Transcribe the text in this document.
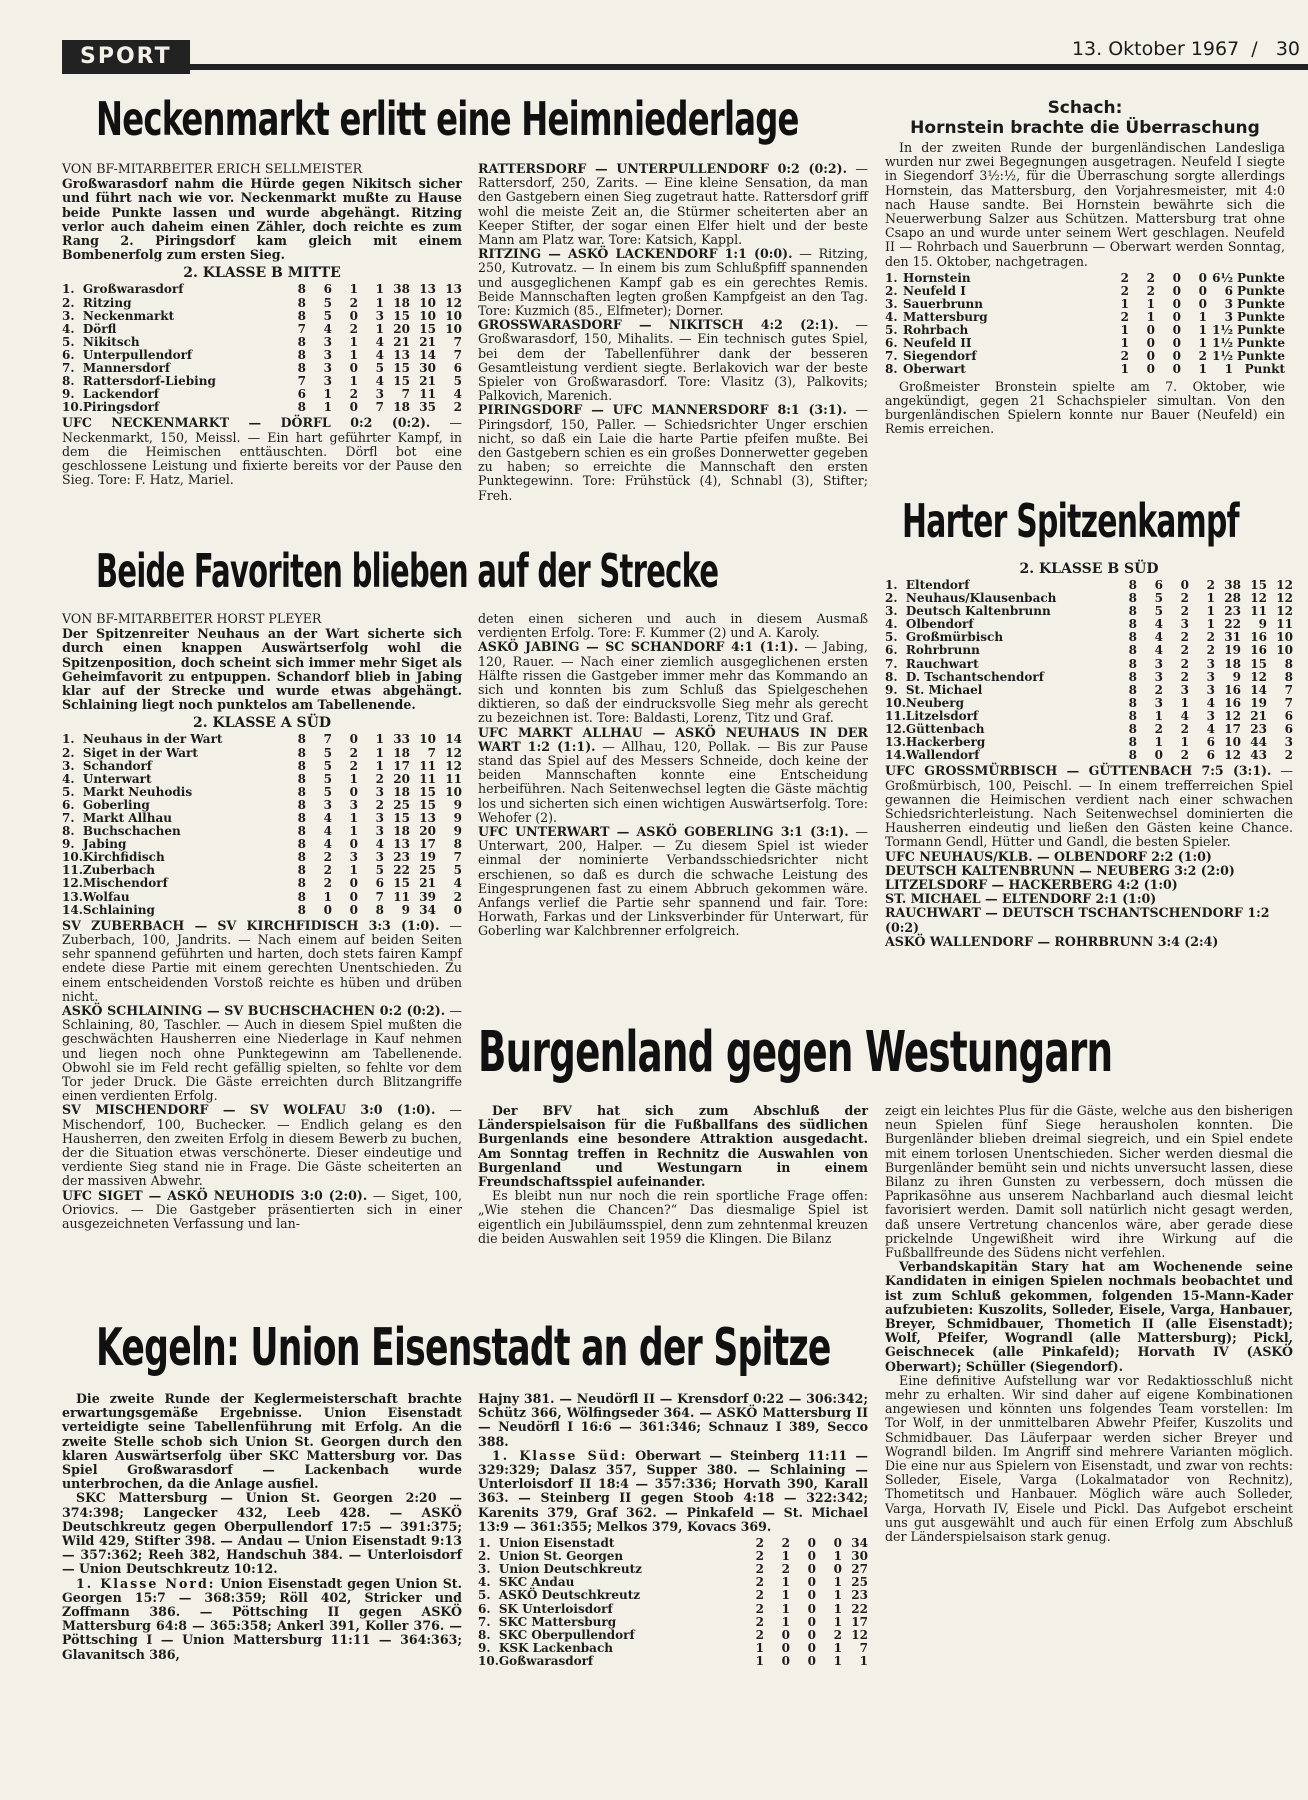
SPORT	13. Oktober 1967  /   30
Neckenmarkt erlitt eine Heimniederlage
VON BF-MITARBEITER ERICH SELLMEISTER

Großwarasdorf nahm die Hürde gegen Nikitsch sicher und führt nach wie vor. Neckenmarkt mußte zu Hause beide Punkte lassen und wurde abgehängt. Ritzing verlor auch daheim einen Zähler, doch reichte es zum Rang 2. Piringsdorf kam gleich mit einem Bombenerfolg zum ersten Sieg.

2. KLASSE B MITTE
1.	Großwarasdorf	8	6	1	1	38	13	13
2.	Ritzing	8	5	2	1	18	10	12
3.	Neckenmarkt	8	5	0	3	15	10	10
4.	Dörfl	7	4	2	1	20	15	10
5.	Nikitsch	8	3	1	4	21	21	7
6.	Unterpullendorf	8	3	1	4	13	14	7
7.	Mannersdorf	8	3	0	5	15	30	6
8.	Rattersdorf-Liebing	7	3	1	4	15	21	5
9.	Lackendorf	6	1	2	3	7	11	4
10.	Piringsdorf	8	1	0	7	18	35	2

UFC NECKENMARKT — DÖRFL 0:2 (0:2). — Neckenmarkt, 150, Meissl. — Ein hart geführter Kampf, in dem die Heimischen enttäuschten. Dörfl bot eine geschlossene Leistung und fixierte bereits vor der Pause den Sieg. Tore: F. Hatz, Mariel.

RATTERSDORF — UNTERPULLENDORF 0:2 (0:2). — Rattersdorf, 250, Zarits. — Eine kleine Sensation, da man den Gastgebern einen Sieg zugetraut hatte. Rattersdorf griff wohl die meiste Zeit an, die Stürmer scheiterten aber an Keeper Stifter, der sogar einen Elfer hielt und der beste Mann am Platz war. Tore: Katsich, Kappl.

RITZING — ASKÖ LACKENDORF 1:1 (0:0). — Ritzing, 250, Kutrovatz. — In einem bis zum Schlußpfiff spannenden und ausgeglichenen Kampf gab es ein gerechtes Remis. Beide Mannschaften legten großen Kampfgeist an den Tag. Tore: Kuzmich (85., Elfmeter); Dorner.

GROSSWARASDORF — NIKITSCH 4:2 (2:1). — Großwarasdorf, 150, Mihalits. — Ein technisch gutes Spiel, bei dem der Tabellenführer dank der besseren Gesamtleistung verdient siegte. Berlakovich war der beste Spieler von Großwarasdorf. Tore: Vlasitz (3), Palkovits; Palkovich, Marenich.

PIRINGSDORF — UFC MANNERSDORF 8:1 (3:1). — Piringsdorf, 150, Paller. — Schiedsrichter Unger erschien nicht, so daß ein Laie die harte Partie pfeifen mußte. Bei den Gastgebern schien es ein großes Donnerwetter gegeben zu haben; so erreichte die Mannschaft den ersten Punktegewinn. Tore: Frühstück (4), Schnabl (3), Stifter; Freh.

Schach:
Hornstein brachte die Überraschung

In der zweiten Runde der burgenländischen Landesliga wurden nur zwei Begegnungen ausgetragen. Neufeld I siegte in Siegendorf 3½:½, für die Überraschung sorgte allerdings Hornstein, das Mattersburg, den Vorjahresmeister, mit 4:0 nach Hause sandte. Bei Hornstein bewährte sich die Neuerwerbung Salzer aus Schützen. Mattersburg trat ohne Csapo an und wurde unter seinem Wert geschlagen. Neufeld II — Rohrbach und Sauerbrunn — Oberwart werden Sonntag, den 15. Oktober, nachgetragen.

1.	Hornstein	2	2	0	0	6½	Punkte
2.	Neufeld I	2	2	0	0	6	Punkte
3.	Sauerbrunn	1	1	0	0	3	Punkte
4.	Mattersburg	2	1	0	1	3	Punkte
5.	Rohrbach	1	0	0	1	1½	Punkte
6.	Neufeld II	1	0	0	1	1½	Punkte
7.	Siegendorf	2	0	0	2	1½	Punkte
8.	Oberwart	1	0	0	1	1	Punkt

Großmeister Bronstein spielte am 7. Oktober, wie angekündigt, gegen 21 Schachspieler simultan. Von den burgenländischen Spielern konnte nur Bauer (Neufeld) ein Remis erreichen.

Beide Favoriten blieben auf der Strecke
VON BF-MITARBEITER HORST PLEYER

Der Spitzenreiter Neuhaus an der Wart sicherte sich durch einen knappen Auswärtserfolg wohl die Spitzenposition, doch scheint sich immer mehr Siget als Geheimfavorit zu entpuppen. Schandorf blieb in Jabing klar auf der Strecke und wurde etwas abgehängt. Schlaining liegt noch punktelos am Tabellenende.

2. KLASSE A SÜD
1.	Neuhaus in der Wart	8	7	0	1	33	10	14
2.	Siget in der Wart	8	5	2	1	18	7	12
3.	Schandorf	8	5	2	1	17	11	12
4.	Unterwart	8	5	1	2	20	11	11
5.	Markt Neuhodis	8	5	0	3	18	15	10
6.	Goberling	8	3	3	2	25	15	9
7.	Markt Allhau	8	4	1	3	15	13	9
8.	Buchschachen	8	4	1	3	18	20	9
9.	Jabing	8	4	0	4	13	17	8
10.	Kirchfidisch	8	2	3	3	23	19	7
11.	Zuberbach	8	2	1	5	22	25	5
12.	Mischendorf	8	2	0	6	15	21	4
13.	Wolfau	8	1	0	7	11	39	2
14.	Schlaining	8	0	0	8	9	34	0

SV ZUBERBACH — SV KIRCHFIDISCH 3:3 (1:0). — Zuberbach, 100, Jandrits. — Nach einem auf beiden Seiten sehr spannend geführten und harten, doch stets fairen Kampf endete diese Partie mit einem gerechten Unentschieden. Zu einem entscheidenden Vorstoß reichte es hüben und drüben nicht.

ASKÖ SCHLAINING — SV BUCHSCHACHEN 0:2 (0:2). — Schlaining, 80, Taschler. — Auch in diesem Spiel mußten die geschwächten Hausherren eine Niederlage in Kauf nehmen und liegen noch ohne Punktegewinn am Tabellenende. Obwohl sie im Feld recht gefällig spielten, so fehlte vor dem Tor jeder Druck. Die Gäste erreichten durch Blitzangriffe einen verdienten Erfolg.

SV MISCHENDORF — SV WOLFAU 3:0 (1:0). — Mischendorf, 100, Buchecker. — Endlich gelang es den Hausherren, den zweiten Erfolg in diesem Bewerb zu buchen, der die Situation etwas verschönerte. Dieser eindeutige und verdiente Sieg stand nie in Frage. Die Gäste scheiterten an der massiven Abwehr.

UFC SIGET — ASKÖ NEUHODIS 3:0 (2:0). — Siget, 100, Oriovics. — Die Gastgeber präsentierten sich in einer ausgezeichneten Verfassung und lan-

deten einen sicheren und auch in diesem Ausmaß verdienten Erfolg. Tore: F. Kummer (2) und A. Karoly.

ASKÖ JABING — SC SCHANDORF 4:1 (1:1). — Jabing, 120, Rauer. — Nach einer ziemlich ausgeglichenen ersten Hälfte rissen die Gastgeber immer mehr das Kommando an sich und konnten bis zum Schluß das Spielgeschehen diktieren, so daß der eindrucksvolle Sieg mehr als gerecht zu bezeichnen ist. Tore: Baldasti, Lorenz, Titz und Graf.

UFC MARKT ALLHAU — ASKÖ NEUHAUS IN DER WART 1:2 (1:1). — Allhau, 120, Pollak. — Bis zur Pause stand das Spiel auf des Messers Schneide, doch keine der beiden Mannschaften konnte eine Entscheidung herbeiführen. Nach Seitenwechsel legten die Gäste mächtig los und sicherten sich einen wichtigen Auswärtserfolg. Tore: Wehofer (2).

UFC UNTERWART — ASKÖ GOBERLING 3:1 (3:1). — Unterwart, 200, Halper. — Zu diesem Spiel ist wieder einmal der nominierte Verbandsschiedsrichter nicht erschienen, so daß es durch die schwache Leistung des Eingesprungenen fast zu einem Abbruch gekommen wäre. Anfangs verlief die Partie sehr spannend und fair. Tore: Horwath, Farkas und der Linksverbinder für Unterwart, für Goberling war Kalchbrenner erfolgreich.

Harter Spitzenkampf
2. KLASSE B SÜD
1.	Eltendorf	8	6	0	2	38	15	12
2.	Neuhaus/Klausenbach	8	5	2	1	28	12	12
3.	Deutsch Kaltenbrunn	8	5	2	1	23	11	12
4.	Olbendorf	8	4	3	1	22	9	11
5.	Großmürbisch	8	4	2	2	31	16	10
6.	Rohrbrunn	8	4	2	2	19	16	10
7.	Rauchwart	8	3	2	3	18	15	8
8.	D. Tschantschendorf	8	3	2	3	9	12	8
9.	St. Michael	8	2	3	3	16	14	7
10.	Neuberg	8	3	1	4	16	19	7
11.	Litzelsdorf	8	1	4	3	12	21	6
12.	Güttenbach	8	2	2	4	17	23	6
13.	Hackerberg	8	1	1	6	10	44	3
14.	Wallendorf	8	0	2	6	12	43	2

UFC GROSSMÜRBISCH — GÜTTENBACH 7:5 (3:1). — Großmürbisch, 100, Peischl. — In einem trefferreichen Spiel gewannen die Heimischen verdient nach einer schwachen Schiedsrichterleistung. Nach Seitenwechsel dominierten die Hausherren eindeutig und ließen den Gästen keine Chance. Tormann Gendl, Hütter und Gandl, die besten Spieler.

UFC NEUHAUS/KLB. — OLBENDORF 2:2 (1:0)

DEUTSCH KALTENBRUNN — NEUBERG 3:2 (2:0)

LITZELSDORF — HACKERBERG 4:2 (1:0)

ST. MICHAEL — ELTENDORF 2:1 (1:0)

RAUCHWART — DEUTSCH TSCHANTSCHENDORF 1:2 (0:2)

ASKÖ WALLENDORF — ROHRBRUNN 3:4 (2:4)

Burgenland gegen Westungarn

Der BFV hat sich zum Abschluß der Länderspielsaison für die Fußballfans des südlichen Burgenlands eine besondere Attraktion ausgedacht. Am Sonntag treffen in Rechnitz die Auswahlen von Burgenland und Westungarn in einem Freundschaftsspiel aufeinander.

Es bleibt nun nur noch die rein sportliche Frage offen: „Wie stehen die Chancen?“ Das diesmalige Spiel ist eigentlich ein Jubiläumsspiel, denn zum zehntenmal kreuzen die beiden Auswahlen seit 1959 die Klingen. Die Bilanz

zeigt ein leichtes Plus für die Gäste, welche aus den bisherigen neun Spielen fünf Siege herausholen konnten. Die Burgenländer blieben dreimal siegreich, und ein Spiel endete mit einem torlosen Unentschieden. Sicher werden diesmal die Burgenländer bemüht sein und nichts unversucht lassen, diese Bilanz zu ihren Gunsten zu verbessern, doch müssen die Paprikasöhne aus unserem Nachbarland auch diesmal leicht favorisiert werden. Damit soll natürlich nicht gesagt werden, daß unsere Vertretung chancenlos wäre, aber gerade diese prickelnde Ungewißheit wird ihre Wirkung auf die Fußballfreunde des Südens nicht verfehlen.

Verbandskapitän Stary hat am Wochenende seine Kandidaten in einigen Spielen nochmals beobachtet und ist zum Schluß gekommen, folgenden 15-Mann-Kader aufzubieten: Kuszolits, Solleder, Eisele, Varga, Hanbauer, Breyer, Schmidbauer, Thometich II (alle Eisenstadt); Wolf, Pfeifer, Wograndl (alle Mattersburg); Pickl, Geischnecek (alle Pinkafeld); Horvath IV (ASKÖ Oberwart); Schüller (Siegendorf).

Eine definitive Aufstellung war vor Redaktiosschluß nicht mehr zu erhalten. Wir sind daher auf eigene Kombinationen angewiesen und könnten uns folgendes Team vorstellen: Im Tor Wolf, in der unmittelbaren Abwehr Pfeifer, Kuszolits und Schmidbauer. Das Läuferpaar werden sicher Breyer und Wograndl bilden. Im Angriff sind mehrere Varianten möglich. Die eine nur aus Spielern von Eisenstadt, und zwar von rechts: Solleder, Eisele, Varga (Lokalmatador von Rechnitz), Thometitsch und Hanbauer. Möglich wäre auch Solleder, Varga, Horvath IV, Eisele und Pickl. Das Aufgebot erscheint uns gut ausgewählt und auch für einen Erfolg zum Abschluß der Länderspielsaison stark genug.

Kegeln: Union Eisenstadt an der Spitze

Die zweite Runde der Keglermeisterschaft brachte erwartungsgemäße Ergebnisse. Union Eisenstadt verteidigte seine Tabellenführung mit Erfolg. An die zweite Stelle schob sich Union St. Georgen durch den klaren Auswärtserfolg über SKC Mattersburg vor. Das Spiel Großwarasdorf — Lackenbach wurde unterbrochen, da die Anlage ausfiel.

SKC Mattersburg — Union St. Georgen 2:20 — 374:398; Langecker 432, Leeb 428. — ASKÖ Deutschkreutz gegen Oberpullendorf 17:5 — 391:375; Wild 429, Stifter 398. — Andau — Union Eisenstadt 9:13 — 357:362; Reeh 382, Handschuh 384. — Unterloisdorf — Union Deutschkreutz 10:12.

1. Klasse Nord: Union Eisenstadt gegen Union St. Georgen 15:7 — 368:359; Röll 402, Stricker und Zoffmann 386. — Pöttsching II gegen ASKÖ Mattersburg 64:8 — 365:358; Ankerl 391, Koller 376. — Pöttsching I — Union Mattersburg 11:11 — 364:363; Glavanitsch 386,

Hajny 381. — Neudörfl II — Krensdorf 0:22 — 306:342; Schütz 366, Wölfingseder 364. — ASKÖ Mattersburg II — Neudörfl I 16:6 — 361:346; Schnauz I 389, Secco 388.

1. Klasse Süd: Oberwart — Steinberg 11:11 — 329:329; Dalasz 357, Supper 380. — Schlaining — Unterloisdorf II 18:4 — 357:336; Horvath 390, Karall 363. — Steinberg II gegen Stoob 4:18 — 322:342; Karenits 379, Graf 362. — Pinkafeld — St. Michael 13:9 — 361:355; Melkos 379, Kovacs 369.

1.	Union Eisenstadt	2	2	0	0	34
2.	Union St. Georgen	2	1	0	1	30
3.	Union Deutschkreutz	2	2	0	0	27
4.	SKC Andau	2	1	0	1	25
5.	ASKÖ Deutschkreutz	2	1	0	1	23
6.	SK Unterloisdorf	2	1	0	1	22
7.	SKC Mattersburg	2	1	0	1	17
8.	SKC Oberpullendorf	2	0	0	2	12
9.	KSK Lackenbach	1	0	0	1	7
10.	Goßwarasdorf	1	0	0	1	1
